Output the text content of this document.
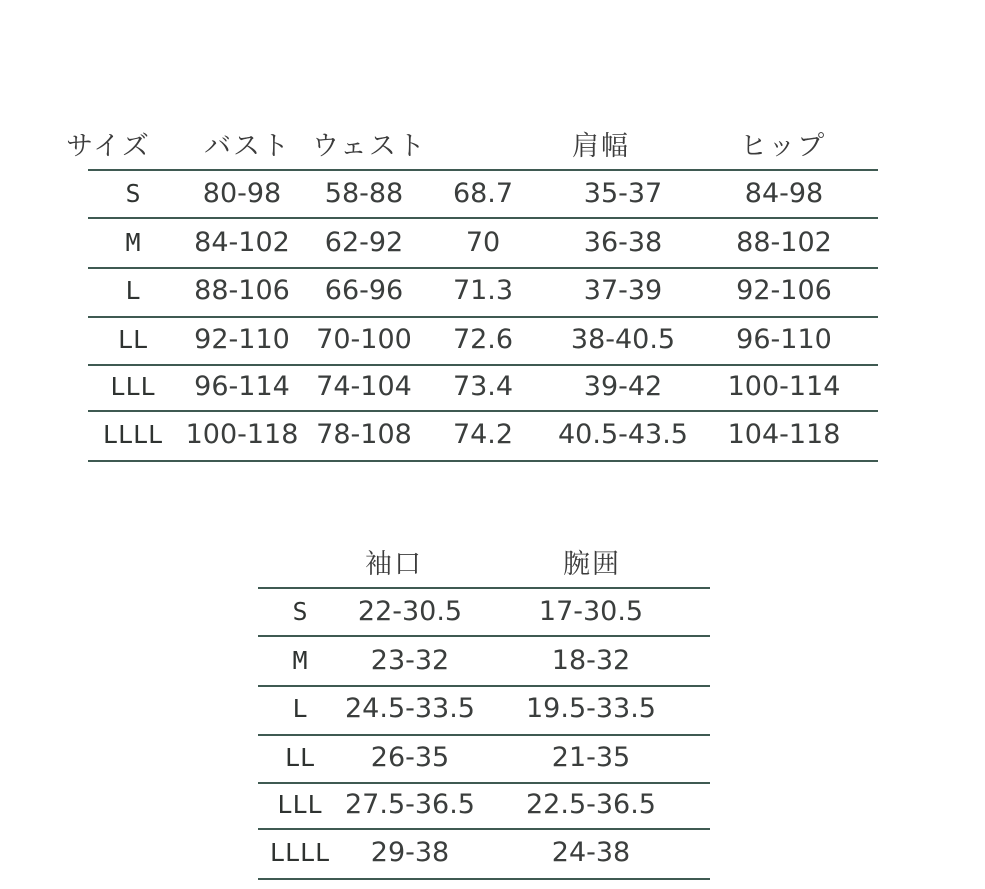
サイズ バスト ウェスト	肩幅	ヒップ
S 80-98 58-88 68.7	35-37	84-98
M 84-102 62-92 70	36-38	88-102
L 88-106 66-96 71.3	37-39	92-106
LL 92-110 70-100 72.6 38-40.5 96-110
LLL 96-114 74-104 73.4	39-42 100-114
LLLL 100-118 78-108 74.2 40.5-43.5 104-118
袖口	腕囲
S 22-30.5	17-30.5
M 23-32	18-32
L 24.5-33.5 19.5-33.5
LL 26-35	21-35
LLL 27.5-36.5 22.5-36.5
LLLL 29-38	24-38
